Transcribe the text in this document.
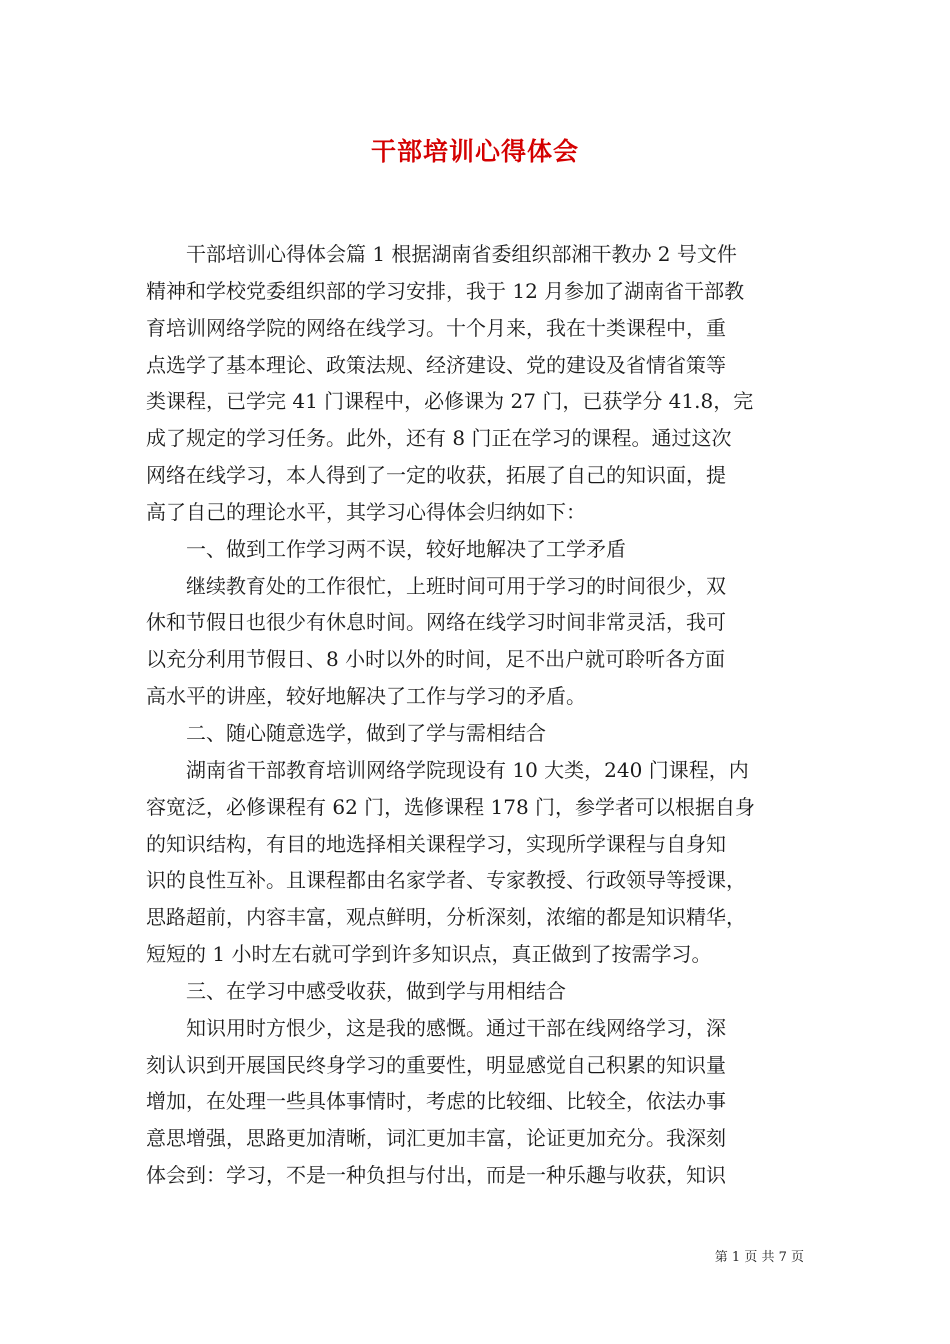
干部培训心得体会
干部培训心得体会篇 1 根据湖南省委组织部湘干教办 2 号文件
精神和学校党委组织部的学习安排，我于 12 月参加了湖南省干部教
育培训网络学院的网络在线学习。十个月来，我在十类课程中，重
点选学了基本理论、政策法规、经济建设、党的建设及省情省策等
类课程，已学完 41 门课程中，必修课为 27 门，已获学分 41.8，完
成了规定的学习任务。此外，还有 8 门正在学习的课程。通过这次
网络在线学习，本人得到了一定的收获，拓展了自己的知识面，提
高了自己的理论水平，其学习心得体会归纳如下：
一、做到工作学习两不误，较好地解决了工学矛盾
继续教育处的工作很忙，上班时间可用于学习的时间很少，双
休和节假日也很少有休息时间。网络在线学习时间非常灵活，我可
以充分利用节假日、8 小时以外的时间，足不出户就可聆听各方面
高水平的讲座，较好地解决了工作与学习的矛盾。
二、随心随意选学，做到了学与需相结合
湖南省干部教育培训网络学院现设有 10 大类，240 门课程，内
容宽泛，必修课程有 62 门，选修课程 178 门，参学者可以根据自身
的知识结构，有目的地选择相关课程学习，实现所学课程与自身知
识的良性互补。且课程都由名家学者、专家教授、行政领导等授课，
思路超前，内容丰富，观点鲜明，分析深刻，浓缩的都是知识精华，
短短的 1 小时左右就可学到许多知识点，真正做到了按需学习。
三、在学习中感受收获，做到学与用相结合
知识用时方恨少，这是我的感慨。通过干部在线网络学习，深
刻认识到开展国民终身学习的重要性，明显感觉自己积累的知识量
增加，在处理一些具体事情时，考虑的比较细、比较全，依法办事
意思增强，思路更加清晰，词汇更加丰富，论证更加充分。我深刻
体会到：学习，不是一种负担与付出，而是一种乐趣与收获，知识
第 1 页 共 7 页
